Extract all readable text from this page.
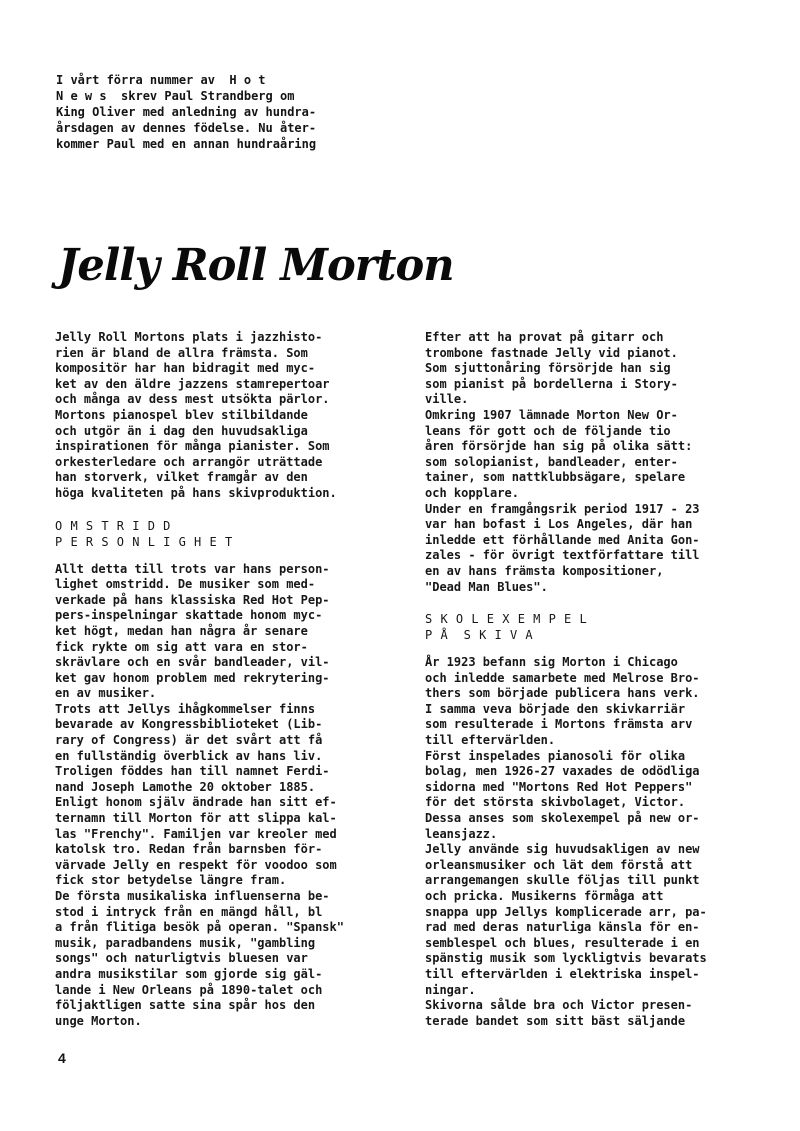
I vårt förra nummer av  H o t
N e w s  skrev Paul Strandberg om
King Oliver med anledning av hundra-
årsdagen av dennes födelse. Nu åter-
kommer Paul med en annan hundraåring
Jelly Roll Morton
Jelly Roll Mortons plats i jazzhisto-
rien är bland de allra främsta. Som
kompositör har han bidragit med myc-
ket av den äldre jazzens stamrepertoar
och många av dess mest utsökta pärlor.
Mortons pianospel blev stilbildande
och utgör än i dag den huvudsakliga
inspirationen för många pianister. Som
orkesterledare och arrangör uträttade
han storverk, vilket framgår av den
höga kvaliteten på hans skivproduktion.
O M S T R I D D
P E R S O N L I G H E T
Allt detta till trots var hans person-
lighet omstridd. De musiker som med-
verkade på hans klassiska Red Hot Pep-
pers-inspelningar skattade honom myc-
ket högt, medan han några år senare
fick rykte om sig att vara en stor-
skrävlare och en svår bandleader, vil-
ket gav honom problem med rekrytering-
en av musiker.
Trots att Jellys ihågkommelser finns
bevarade av Kongressbiblioteket (Lib-
rary of Congress) är det svårt att få
en fullständig överblick av hans liv.
Troligen föddes han till namnet Ferdi-
nand Joseph Lamothe 20 oktober 1885.
Enligt honom själv ändrade han sitt ef-
ternamn till Morton för att slippa kal-
las "Frenchy". Familjen var kreoler med
katolsk tro. Redan från barnsben för-
värvade Jelly en respekt för voodoo som
fick stor betydelse längre fram.
De första musikaliska influenserna be-
stod i intryck från en mängd håll, bl
a från flitiga besök på operan. "Spansk"
musik, paradbandens musik, "gambling
songs" och naturligtvis bluesen var
andra musikstilar som gjorde sig gäl-
lande i New Orleans på 1890-talet och
följaktligen satte sina spår hos den
unge Morton.
Efter att ha provat på gitarr och
trombone fastnade Jelly vid pianot.
Som sjuttonåring försörjde han sig
som pianist på bordellerna i Story-
ville.
Omkring 1907 lämnade Morton New Or-
leans för gott och de följande tio
åren försörjde han sig på olika sätt:
som solopianist, bandleader, enter-
tainer, som nattklubbsägare, spelare
och kopplare.
Under en framgångsrik period 1917 - 23
var han bofast i Los Angeles, där han
inledde ett förhållande med Anita Gon-
zales - för övrigt textförfattare till
en av hans främsta kompositioner,
"Dead Man Blues".
S K O L E X E M P E L
P Å  S K I V A
År 1923 befann sig Morton i Chicago
och inledde samarbete med Melrose Bro-
thers som började publicera hans verk.
I samma veva började den skivkarriär
som resulterade i Mortons främsta arv
till eftervärlden.
Först inspelades pianosoli för olika
bolag, men 1926-27 vaxades de odödliga
sidorna med "Mortons Red Hot Peppers"
för det största skivbolaget, Victor.
Dessa anses som skolexempel på new or-
leansjazz.
Jelly använde sig huvudsakligen av new
orleansmusiker och lät dem förstå att
arrangemangen skulle följas till punkt
och pricka. Musikerns förmåga att
snappa upp Jellys komplicerade arr, pa-
rad med deras naturliga känsla för en-
semblespel och blues, resulterade i en
spänstig musik som lyckligtvis bevarats
till eftervärlden i elektriska inspel-
ningar.
Skivorna sålde bra och Victor presen-
terade bandet som sitt bäst säljande
4
